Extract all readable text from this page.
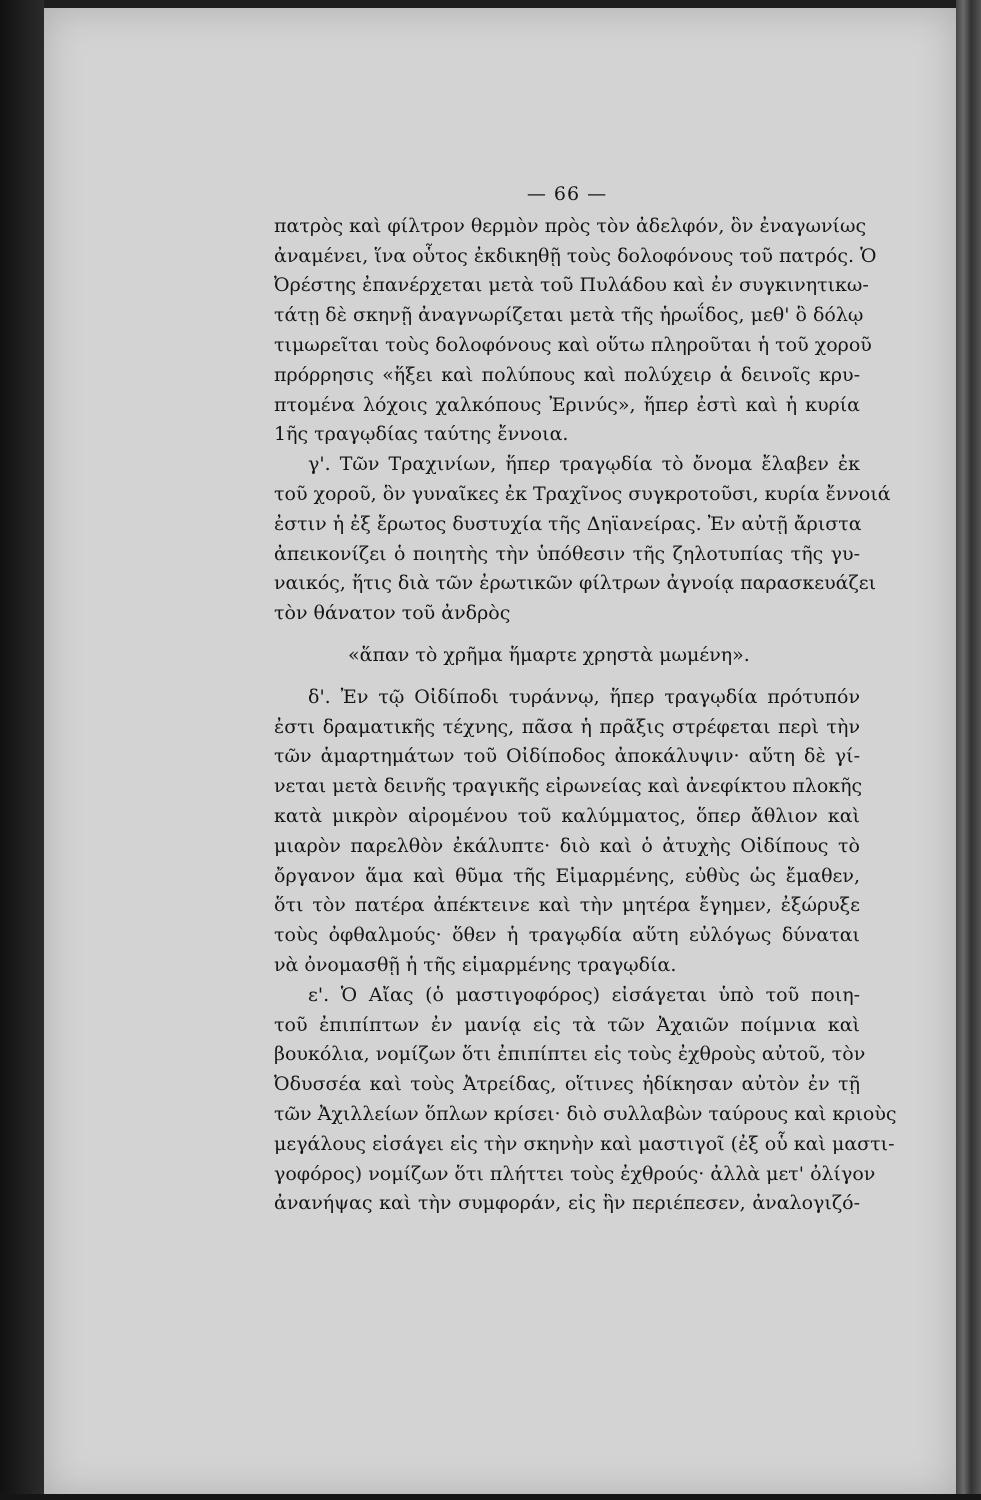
— 66 —
πατρὸς καὶ φίλτρον θερμὸν πρὸς τὸν ἀδελφόν, ὃν ἐναγωνίως
ἀναμένει, ἵνα οὗτος ἐκδικηθῇ τοὺς δολοφόνους τοῦ πατρός. Ὁ
Ὀρέστης ἐπανέρχεται μετὰ τοῦ Πυλάδου καὶ ἐν συγκινητικω-
τάτῃ δὲ σκηνῇ ἀναγνωρίζεται μετὰ τῆς ἡρωΐδος, μεθ' ὃ δόλῳ
τιμωρεῖται τοὺς δολοφόνους καὶ οὕτω πληροῦται ἡ τοῦ χοροῦ
πρόρρησις «ἥξει καὶ πολύπους καὶ πολύχειρ ἁ δεινοῖς κρυ-
πτομένα λόχοις χαλκόπους Ἐρινύς», ἥπερ ἐστὶ καὶ ἡ κυρία
1ῆς τραγῳδίας ταύτης ἔννοια.
γ'. Τῶν Τραχινίων, ἥπερ τραγῳδία τὸ ὄνομα ἔλαβεν ἐκ
τοῦ χοροῦ, ὃν γυναῖκες ἐκ Τραχῖνος συγκροτοῦσι, κυρία ἔννοιά
ἐστιν ἡ ἐξ ἔρωτος δυστυχία τῆς Δηϊανείρας. Ἐν αὐτῇ ἄριστα
ἀπεικονίζει ὁ ποιητὴς τὴν ὑπόθεσιν τῆς ζηλοτυπίας τῆς γυ-
ναικός, ἥτις διὰ τῶν ἐρωτικῶν φίλτρων ἀγνοίᾳ παρασκευάζει
τὸν θάνατον τοῦ ἀνδρὸς
«ἅπαν τὸ χρῆμα ἥμαρτε χρηστὰ μωμένη».
δ'. Ἐν τῷ Οἰδίποδι τυράννῳ, ἥπερ τραγῳδία πρότυπόν
ἐστι δραματικῆς τέχνης, πᾶσα ἡ πρᾶξις στρέφεται περὶ τὴν
τῶν ἁμαρτημάτων τοῦ Οἰδίποδος ἀποκάλυψιν· αὕτη δὲ γί-
νεται μετὰ δεινῆς τραγικῆς εἰρωνείας καὶ ἀνεφίκτου πλοκῆς
κατὰ μικρὸν αἰρομένου τοῦ καλύμματος, ὅπερ ἄθλιον καὶ
μιαρὸν παρελθὸν ἐκάλυπτε· διὸ καὶ ὁ ἀτυχὴς Οἰδίπους τὸ
ὄργανον ἅμα καὶ θῦμα τῆς Εἱμαρμένης, εὐθὺς ὡς ἔμαθεν,
ὅτι τὸν πατέρα ἀπέκτεινε καὶ τὴν μητέρα ἔγημεν, ἐξώρυξε
τοὺς ὀφθαλμούς· ὅθεν ἡ τραγῳδία αὕτη εὐλόγως δύναται
νὰ ὀνομασθῇ ἡ τῆς εἱμαρμένης τραγῳδία.
ε'. Ὁ Αἴας (ὁ μαστιγοφόρος) εἰσάγεται ὑπὸ τοῦ ποιη-
τοῦ ἐπιπίπτων ἐν μανίᾳ εἰς τὰ τῶν Ἀχαιῶν ποίμνια καὶ
βουκόλια, νομίζων ὅτι ἐπιπίπτει εἰς τοὺς ἐχθροὺς αὐτοῦ, τὸν
Ὀδυσσέα καὶ τοὺς Ἀτρείδας, οἵτινες ἠδίκησαν αὐτὸν ἐν τῇ
τῶν Ἀχιλλείων ὅπλων κρίσει· διὸ συλλαβὼν ταύρους καὶ κριοὺς
μεγάλους εἰσάγει εἰς τὴν σκηνὴν καὶ μαστιγοῖ (ἐξ οὗ καὶ μαστι-
γοφόρος) νομίζων ὅτι πλήττει τοὺς ἐχθρούς· ἀλλὰ μετ' ὀλίγον
ἀνανήψας καὶ τὴν συμφοράν, εἰς ἣν περιέπεσεν, ἀναλογιζό-
